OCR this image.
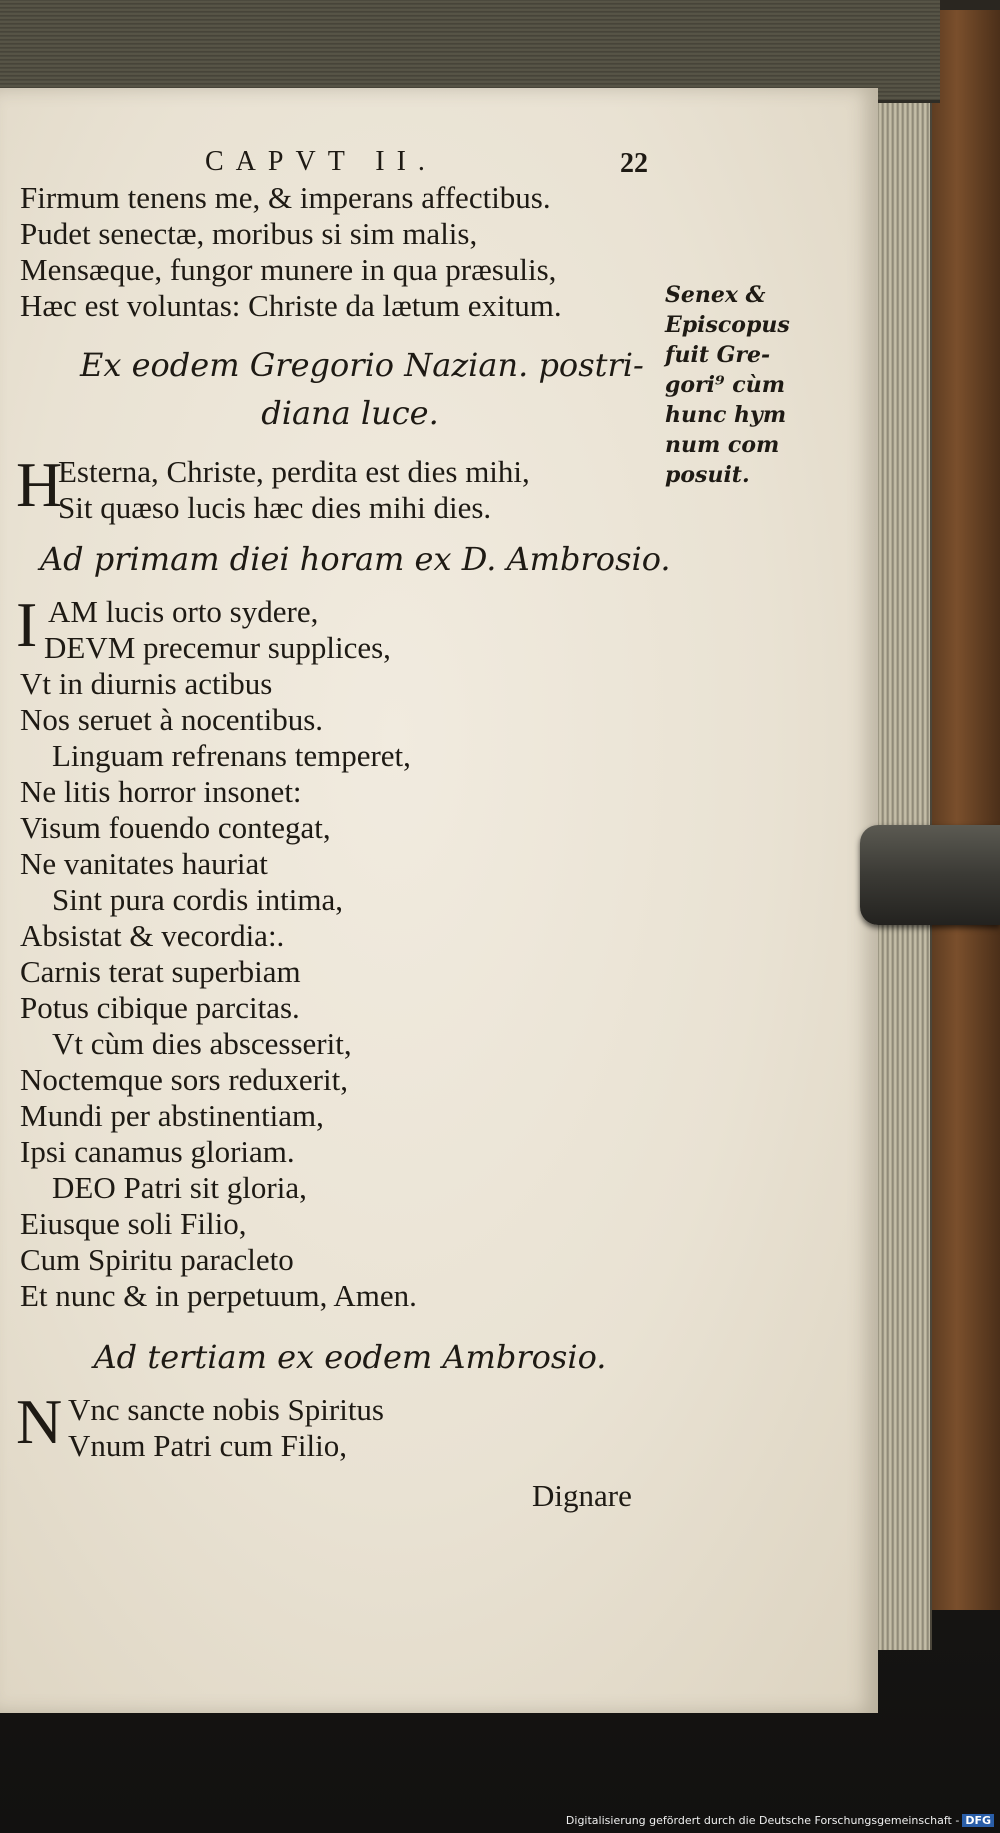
CAPVT II.	22
Firmum tenens me, & imperans affectibus.
Pudet senectæ, moribus si sim malis,
Mensæque, fungor munere in qua præsulis,
Hæc est voluntas: Christe da lætum exitum.
Ex eodem Gregorio Nazian. postri-
diana luce.
H
Esterna, Christe, perdita est dies mihi,
Sit quæso lucis hæc dies mihi dies.
Senex &
Episcopus
fuit Gre-
gori⁹ cùm
hunc hym
num com
posuit.
Ad primam diei horam ex D. Ambrosio.
I AM lucis orto sydere,
DEVM precemur supplices,
Vt in diurnis actibus
Nos seruet à nocentibus.
Linguam refrenans temperet,
Ne litis horror insonet:
Visum fouendo contegat,
Ne vanitates hauriat
Sint pura cordis intima,
Absistat & vecordia:.
Carnis terat superbiam
Potus cibique parcitas.
Vt cùm dies abscesserit,
Noctemque sors reduxerit,
Mundi per abstinentiam,
Ipsi canamus gloriam.
DEO Patri sit gloria,
Eiusque soli Filio,
Cum Spiritu paracleto
Et nunc & in perpetuum, Amen.
Ad tertiam ex eodem Ambrosio.
N Vnc sancte nobis Spiritus
Vnum Patri cum Filio,
Dignare
Digitalisierung gefördert durch die Deutsche Forschungsgemeinschaft - DFG
